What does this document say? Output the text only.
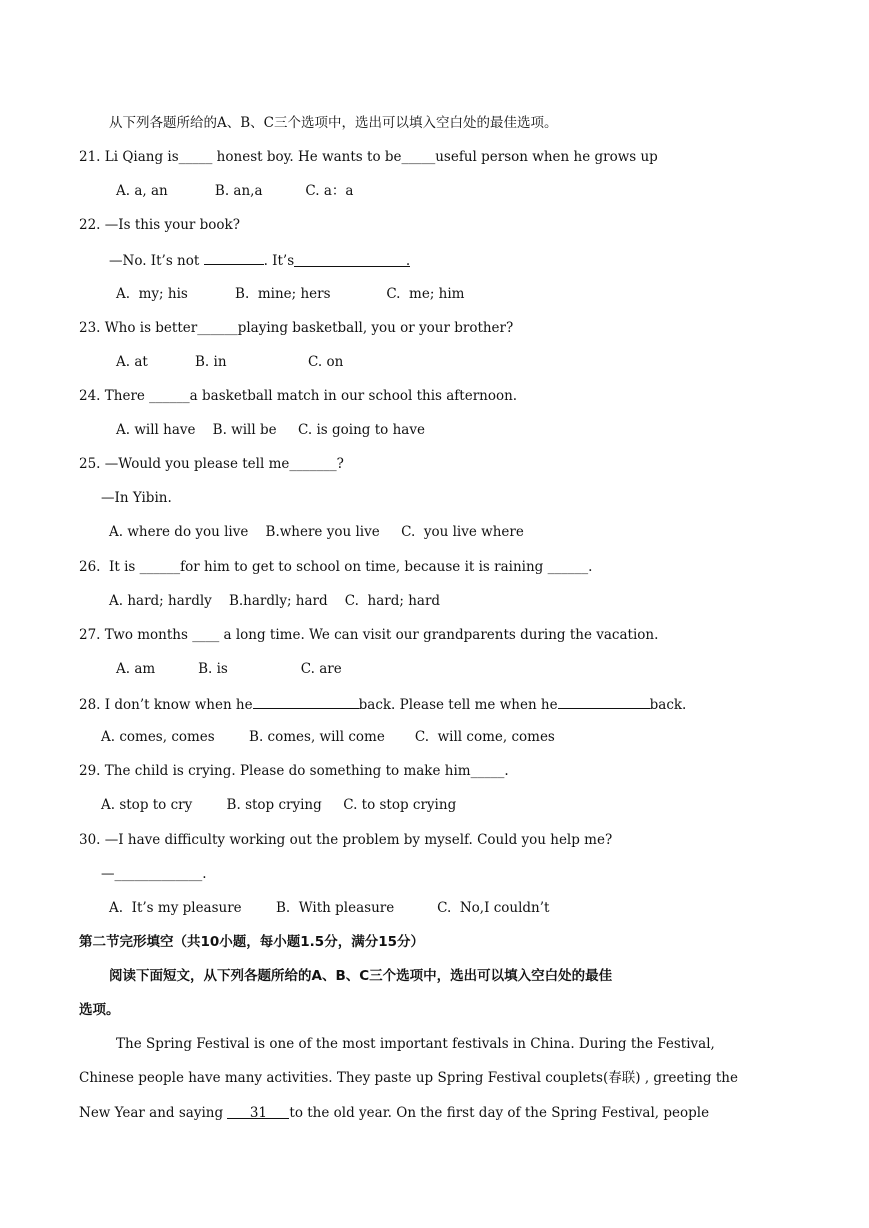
从下列各题所给的A、B、C三个选项中，选出可以填入空白处的最佳选项。
21. Li Qiang is_____ honest boy. He wants to be_____useful person when he grows up
A. a, an           B. an,a          C. a：a
22. —Is this your book?
—No. It’s not	. It’s	.
A.  my; his           B.  mine; hers             C.  me; him
23. Who is better______playing basketball, you or your brother?
A. at           B. in                   C. on
24. There ______a basketball match in our school this afternoon.
A. will have    B. will be     C. is going to have
25. —Would you please tell me_______?
—In Yibin.
A. where do you live    B.where you live     C.  you live where
26.  It is ______for him to get to school on time, because it is raining ______.
A. hard; hardly    B.hardly; hard    C.  hard; hard
27. Two months ____ a long time. We can visit our grandparents during the vacation.
A. am          B. is                 C. are
28. I don’t know when he	back. Please tell me when he	back.
A. comes, comes        B. comes, will come       C.  will come, comes
29. The child is crying. Please do something to make him_____.
A. stop to cry        B. stop crying     C. to stop crying
30. —I have difficulty working out the problem by myself. Could you help me?
—_____________.
A.  It’s my pleasure        B.  With pleasure          C.  No,I couldn’t
第二节完形填空（共10小题，每小题1.5分，满分15分）
阅读下面短文，从下列各题所给的A、B、C三个选项中，选出可以填入空白处的最佳
选项。
The Spring Festival is one of the most important festivals in China. During the Festival,
Chinese people have many activities. They paste up Spring Festival couplets(春联) , greeting the
New Year and saying 31 to the old year. On the first day of the Spring Festival, people
